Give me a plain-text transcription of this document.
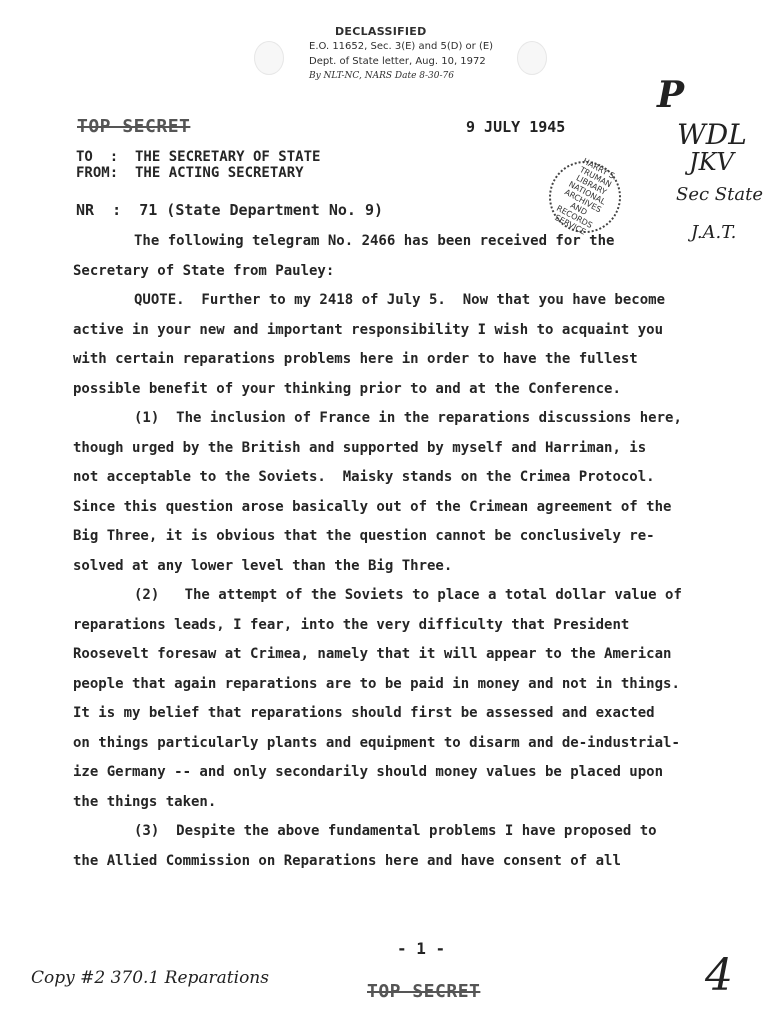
DECLASSIFIED
E.O. 11652, Sec. 3(E) and 5(D) or (E)
Dept. of State letter, Aug. 10, 1972
By NLT-NC, NARS Date 8-30-76	P
WDL
JKV
Sec State
J.A.T.
Copy #2 370.1 Reparations	4
HARRY S. TRUMAN LIBRARY NATIONAL ARCHIVES AND RECORDS SERVICE
TOP SECRET	9 JULY 1945
TO  :  THE SECRETARY OF STATE
FROM:  THE ACTING SECRETARY
NR  :  71 (State Department No. 9)
The following telegram No. 2466 has been received for the
Secretary of State from Pauley:
QUOTE.  Further to my 2418 of July 5.  Now that you have become
active in your new and important responsibility I wish to acquaint you
with certain reparations problems here in order to have the fullest
possible benefit of your thinking prior to and at the Conference.
(1)  The inclusion of France in the reparations discussions here,
though urged by the British and supported by myself and Harriman, is
not acceptable to the Soviets.  Maisky stands on the Crimea Protocol.
Since this question arose basically out of the Crimean agreement of the
Big Three, it is obvious that the question cannot be conclusively re-
solved at any lower level than the Big Three.
(2)   The attempt of the Soviets to place a total dollar value of
reparations leads, I fear, into the very difficulty that President
Roosevelt foresaw at Crimea, namely that it will appear to the American
people that again reparations are to be paid in money and not in things.
It is my belief that reparations should first be assessed and exacted
on things particularly plants and equipment to disarm and de-industrial-
ize Germany -- and only secondarily should money values be placed upon
the things taken.
(3)  Despite the above fundamental problems I have proposed to
the Allied Commission on Reparations here and have consent of all
- 1 -
TOP SECRET
